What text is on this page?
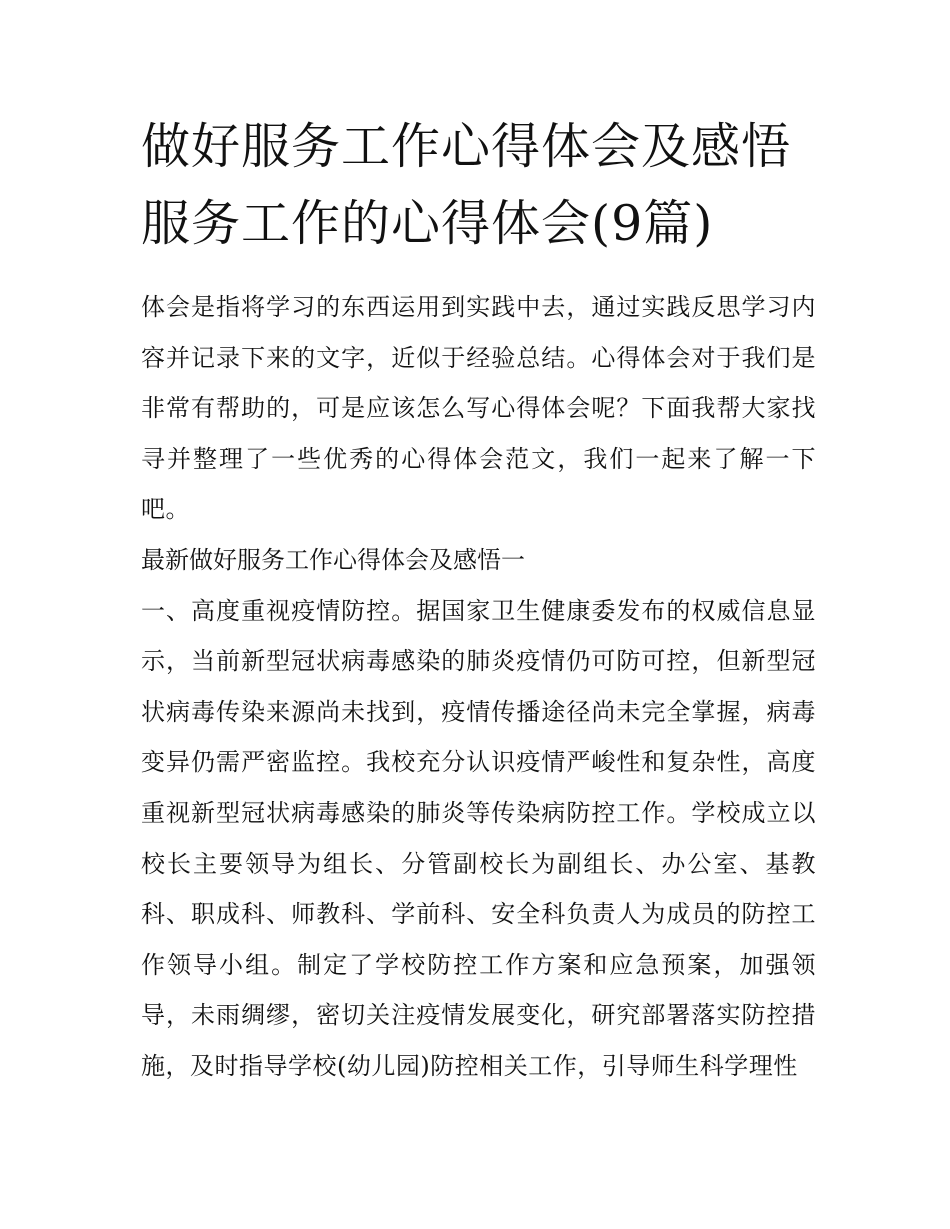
做好服务工作心得体会及感悟服务工作的心得体会(9篇)

体会是指将学习的东西运用到实践中去，通过实践反思学习内容并记录下来的文字，近似于经验总结。心得体会对于我们是非常有帮助的，可是应该怎么写心得体会呢？下面我帮大家找寻并整理了一些优秀的心得体会范文，我们一起来了解一下吧。

最新做好服务工作心得体会及感悟一

一、高度重视疫情防控。据国家卫生健康委发布的权威信息显示，当前新型冠状病毒感染的肺炎疫情仍可防可控，但新型冠状病毒传染来源尚未找到，疫情传播途径尚未完全掌握，病毒变异仍需严密监控。我校充分认识疫情严峻性和复杂性，高度重视新型冠状病毒感染的肺炎等传染病防控工作。学校成立以校长主要领导为组长、分管副校长为副组长、办公室、基教科、职成科、师教科、学前科、安全科负责人为成员的防控工作领导小组。制定了学校防控工作方案和应急预案，加强领导，未雨绸缪，密切关注疫情发展变化，研究部署落实防控措施，及时指导学校(幼儿园)防控相关工作，引导师生科学理性
